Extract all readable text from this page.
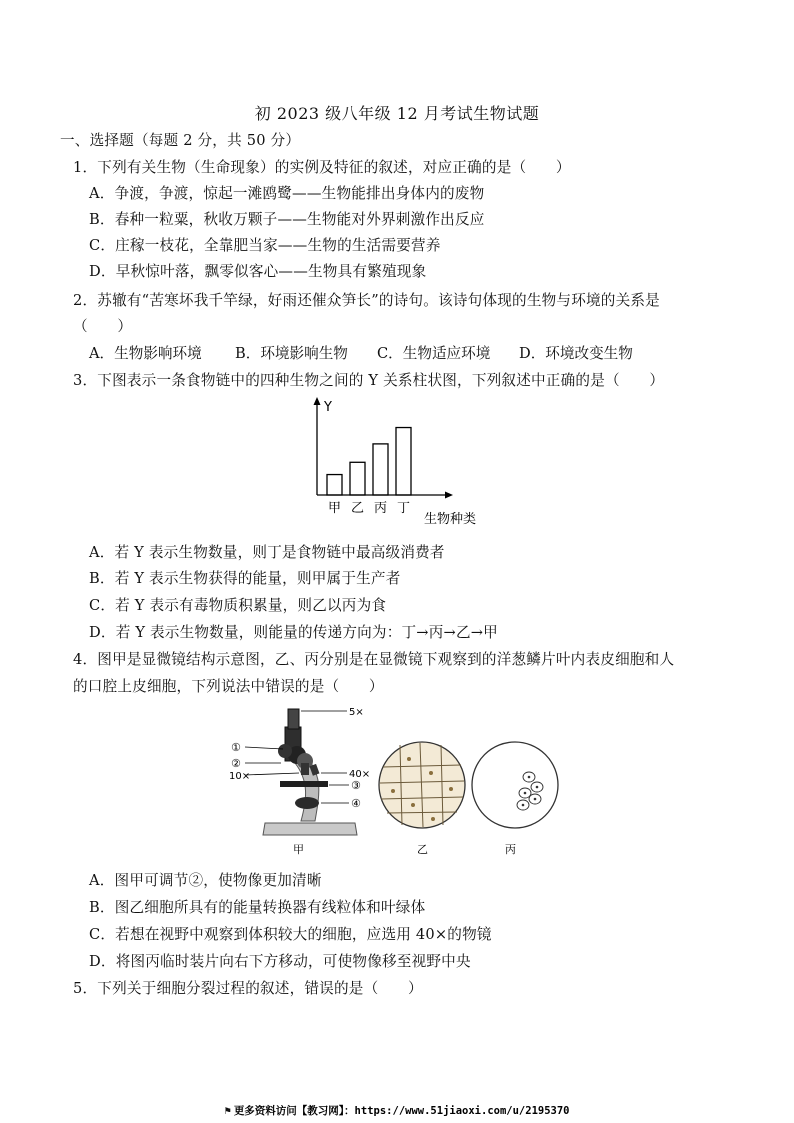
初 2023 级八年级 12 月考试生物试题
一、选择题（每题 2 分，共 50 分）
1．下列有关生物（生命现象）的实例及特征的叙述，对应正确的是（　　）
A．争渡，争渡，惊起一滩鸥鹭——生物能排出身体内的废物
B．春种一粒粟，秋收万颗子——生物能对外界刺激作出反应
C．庄稼一枝花，全靠肥当家——生物的生活需要营养
D．早秋惊叶落，飘零似客心——生物具有繁殖现象
2．苏辙有“苦寒坏我千竿绿，好雨还催众笋长”的诗句。该诗句体现的生物与环境的关系是
（　　）
A．生物影响环境 B．环境影响生物 C．生物适应环境 D．环境改变生物
3．下图表示一条食物链中的四种生物之间的 Y 关系柱状图，下列叙述中正确的是（　　）
Y
甲 乙 丙 丁
生物种类
A．若 Y 表示生物数量，则丁是食物链中最高级消费者
B．若 Y 表示生物获得的能量，则甲属于生产者
C．若 Y 表示有毒物质积累量，则乙以丙为食
D．若 Y 表示生物数量，则能量的传递方向为：丁→丙→乙→甲
4．图甲是显微镜结构示意图，乙、丙分别是在显微镜下观察到的洋葱鳞片叶内表皮细胞和人
的口腔上皮细胞，下列说法中错误的是（　　）
5×
①
②
10×	40×
③
④
甲	乙	丙
A．图甲可调节②，使物像更加清晰
B．图乙细胞所具有的能量转换器有线粒体和叶绿体
C．若想在视野中观察到体积较大的细胞，应选用 40×的物镜
D．将图丙临时装片向右下方移动，可使物像移至视野中央
5．下列关于细胞分裂过程的叙述，错误的是（　　）
⚑ 更多资料访问【教习网】：https://www.51jiaoxi.com/u/2195370
